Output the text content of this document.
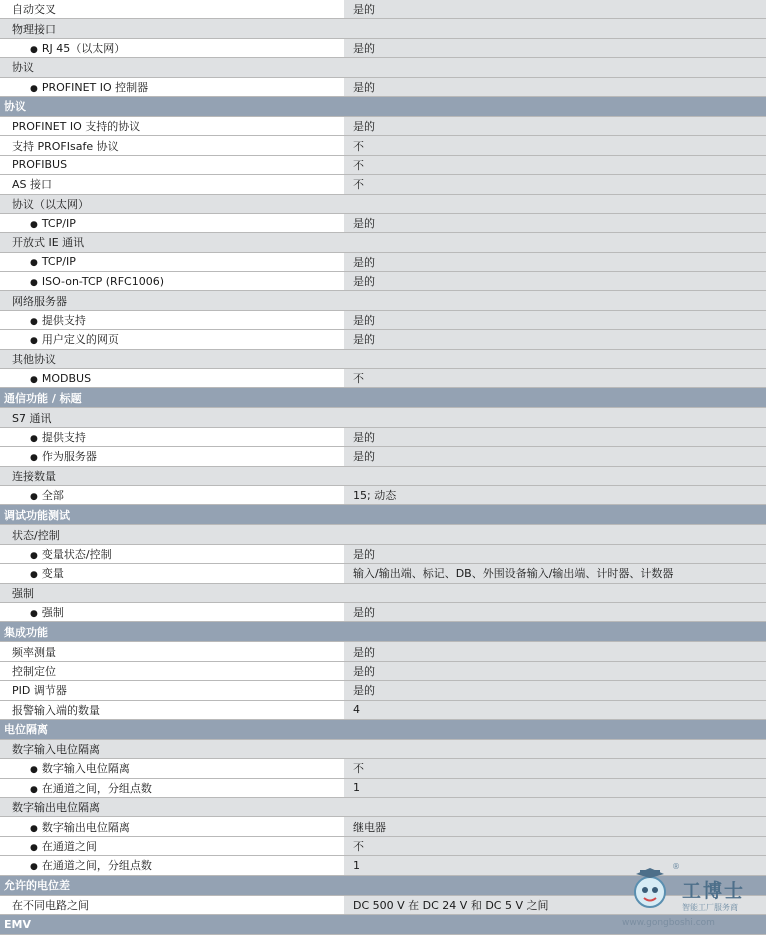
自动交叉	是的
物理接口
● RJ 45（以太网）	是的
协议
● PROFINET IO 控制器	是的
协议
PROFINET IO 支持的协议	是的
支持 PROFIsafe 协议	不
PROFIBUS	不
AS 接口	不
协议（以太网）
● TCP/IP	是的
开放式 IE 通讯
● TCP/IP	是的
● ISO-on-TCP (RFC1006)	是的
网络服务器
● 提供支持	是的
● 用户定义的网页	是的
其他协议
● MODBUS	不
通信功能 / 标题
S7 通讯
● 提供支持	是的
● 作为服务器	是的
连接数量
● 全部	15; 动态
调试功能测试
状态/控制
● 变量状态/控制	是的
● 变量	输入/输出端、标记、DB、外围设备输入/输出端、计时器、计数器
强制
● 强制	是的
集成功能
频率测量	是的
控制定位	是的
PID 调节器	是的
报警输入端的数量	4
电位隔离
数字输入电位隔离
● 数字输入电位隔离	不
● 在通道之间，分组点数	1
数字输出电位隔离
● 数字输出电位隔离	继电器
● 在通道之间	不
● 在通道之间，分组点数	1
允许的电位差
在不同电路之间	DC 500 V 在 DC 24 V 和 DC 5 V 之间
EMV
®
工博士
智能工厂服务商
www.gongboshi.com
